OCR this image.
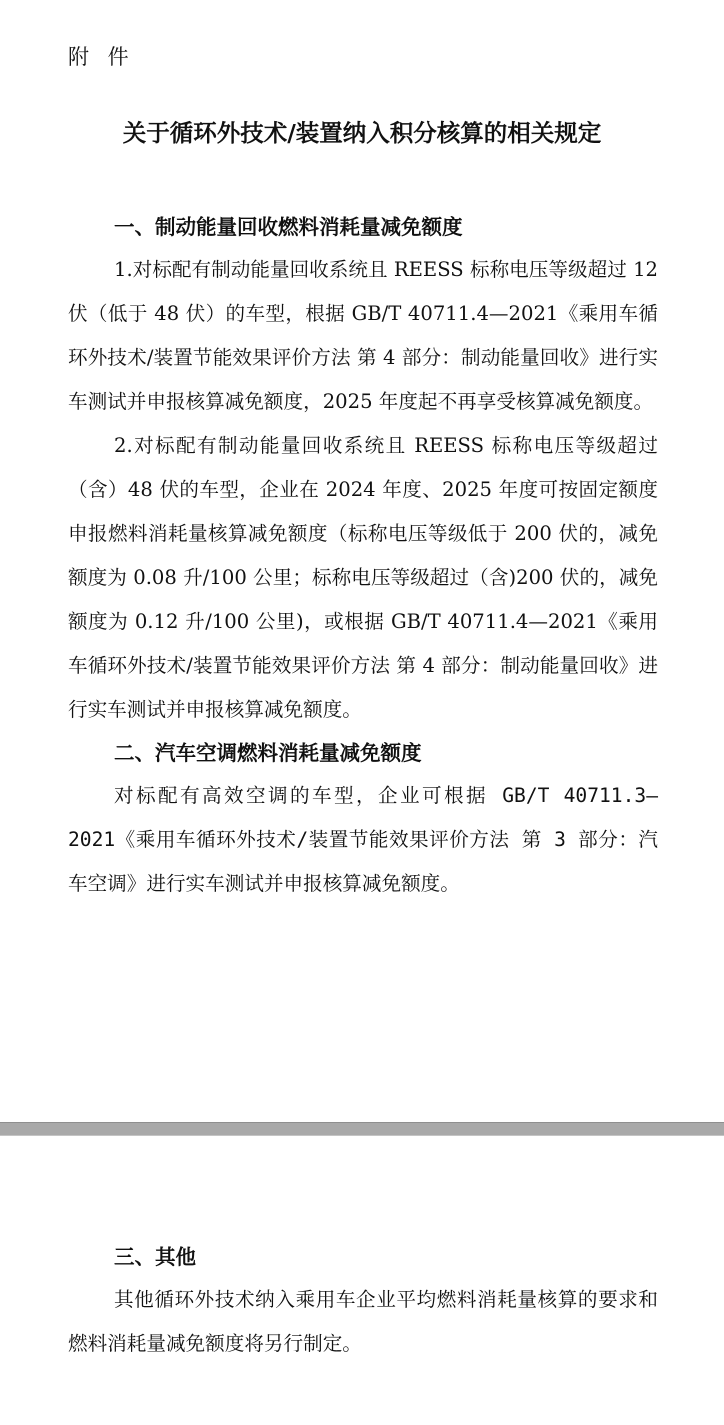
附 件

关于循环外技术/装置纳入积分核算的相关规定
一、制动能量回收燃料消耗量减免额度

1.对标配有制动能量回收系统且 REESS 标称电压等级超过 12 伏（低于 48 伏）的车型，根据 GB/T 40711.4—2021《乘用车循环外技术/装置节能效果评价方法 第 4 部分：制动能量回收》进行实车测试并申报核算减免额度，2025 年度起不再享受核算减免额度。

2.对标配有制动能量回收系统且 REESS 标称电压等级超过（含）48 伏的车型，企业在 2024 年度、2025 年度可按固定额度申报燃料消耗量核算减免额度（标称电压等级低于 200 伏的，减免额度为 0.08 升/100 公里；标称电压等级超过（含)200 伏的，减免额度为 0.12 升/100 公里)，或根据 GB/T 40711.4—2021《乘用车循环外技术/装置节能效果评价方法 第 4 部分：制动能量回收》进行实车测试并申报核算减免额度。

二、汽车空调燃料消耗量减免额度

对标配有高效空调的车型，企业可根据 GB/T 40711.3—2021《乘用车循环外技术/装置节能效果评价方法 第 3 部分：汽车空调》进行实车测试并申报核算减免额度。

三、其他

其他循环外技术纳入乘用车企业平均燃料消耗量核算的要求和燃料消耗量减免额度将另行制定。
